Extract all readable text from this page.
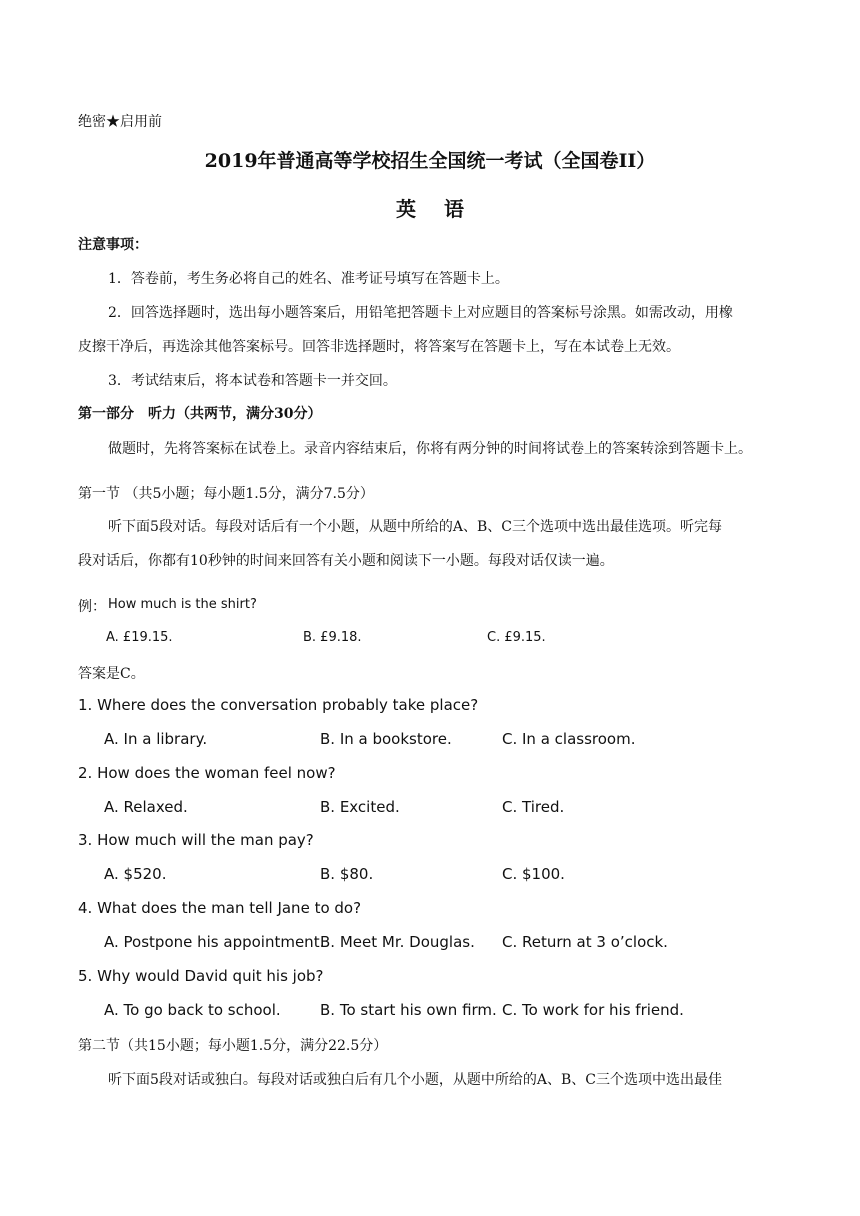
绝密★启用前
2019年普通高等学校招生全国统一考试（全国卷II）
英语
注意事项：
1．答卷前，考生务必将自己的姓名、准考证号填写在答题卡上。
2．回答选择题时，选出每小题答案后，用铅笔把答题卡上对应题目的答案标号涂黑。如需改动，用橡
皮擦干净后，再选涂其他答案标号。回答非选择题时，将答案写在答题卡上，写在本试卷上无效。
3．考试结束后，将本试卷和答题卡一并交回。
第一部分　听力（共两节，满分30分）
做题时，先将答案标在试卷上。录音内容结束后，你将有两分钟的时间将试卷上的答案转涂到答题卡上。
第一节 （共5小题；每小题1.5分，满分7.5分）
听下面5段对话。每段对话后有一个小题，从题中所给的A、B、C三个选项中选出最佳选项。听完每
段对话后，你都有10秒钟的时间来回答有关小题和阅读下一小题。每段对话仅读一遍。
例： How much is the shirt?
A. £19.15.	B. £9.18.	C. £9.15.
答案是C。
1. Where does the conversation probably take place?
A. In a library.	B. In a bookstore.	C. In a classroom.
2. How does the woman feel now?
A. Relaxed.	B. Excited.	C. Tired.
3. How much will the man pay?
A. $520.	B. $80.	C. $100.
4. What does the man tell Jane to do?
A. Postpone his appointment.
B. Meet Mr. Douglas. C. Return at 3 o’clock.
5. Why would David quit his job?
A. To go back to school.	B. To start his own firm. C. To work for his friend.
第二节（共15小题；每小题1.5分，满分22.5分）
听下面5段对话或独白。每段对话或独白后有几个小题，从题中所给的A、B、C三个选项中选出最佳
